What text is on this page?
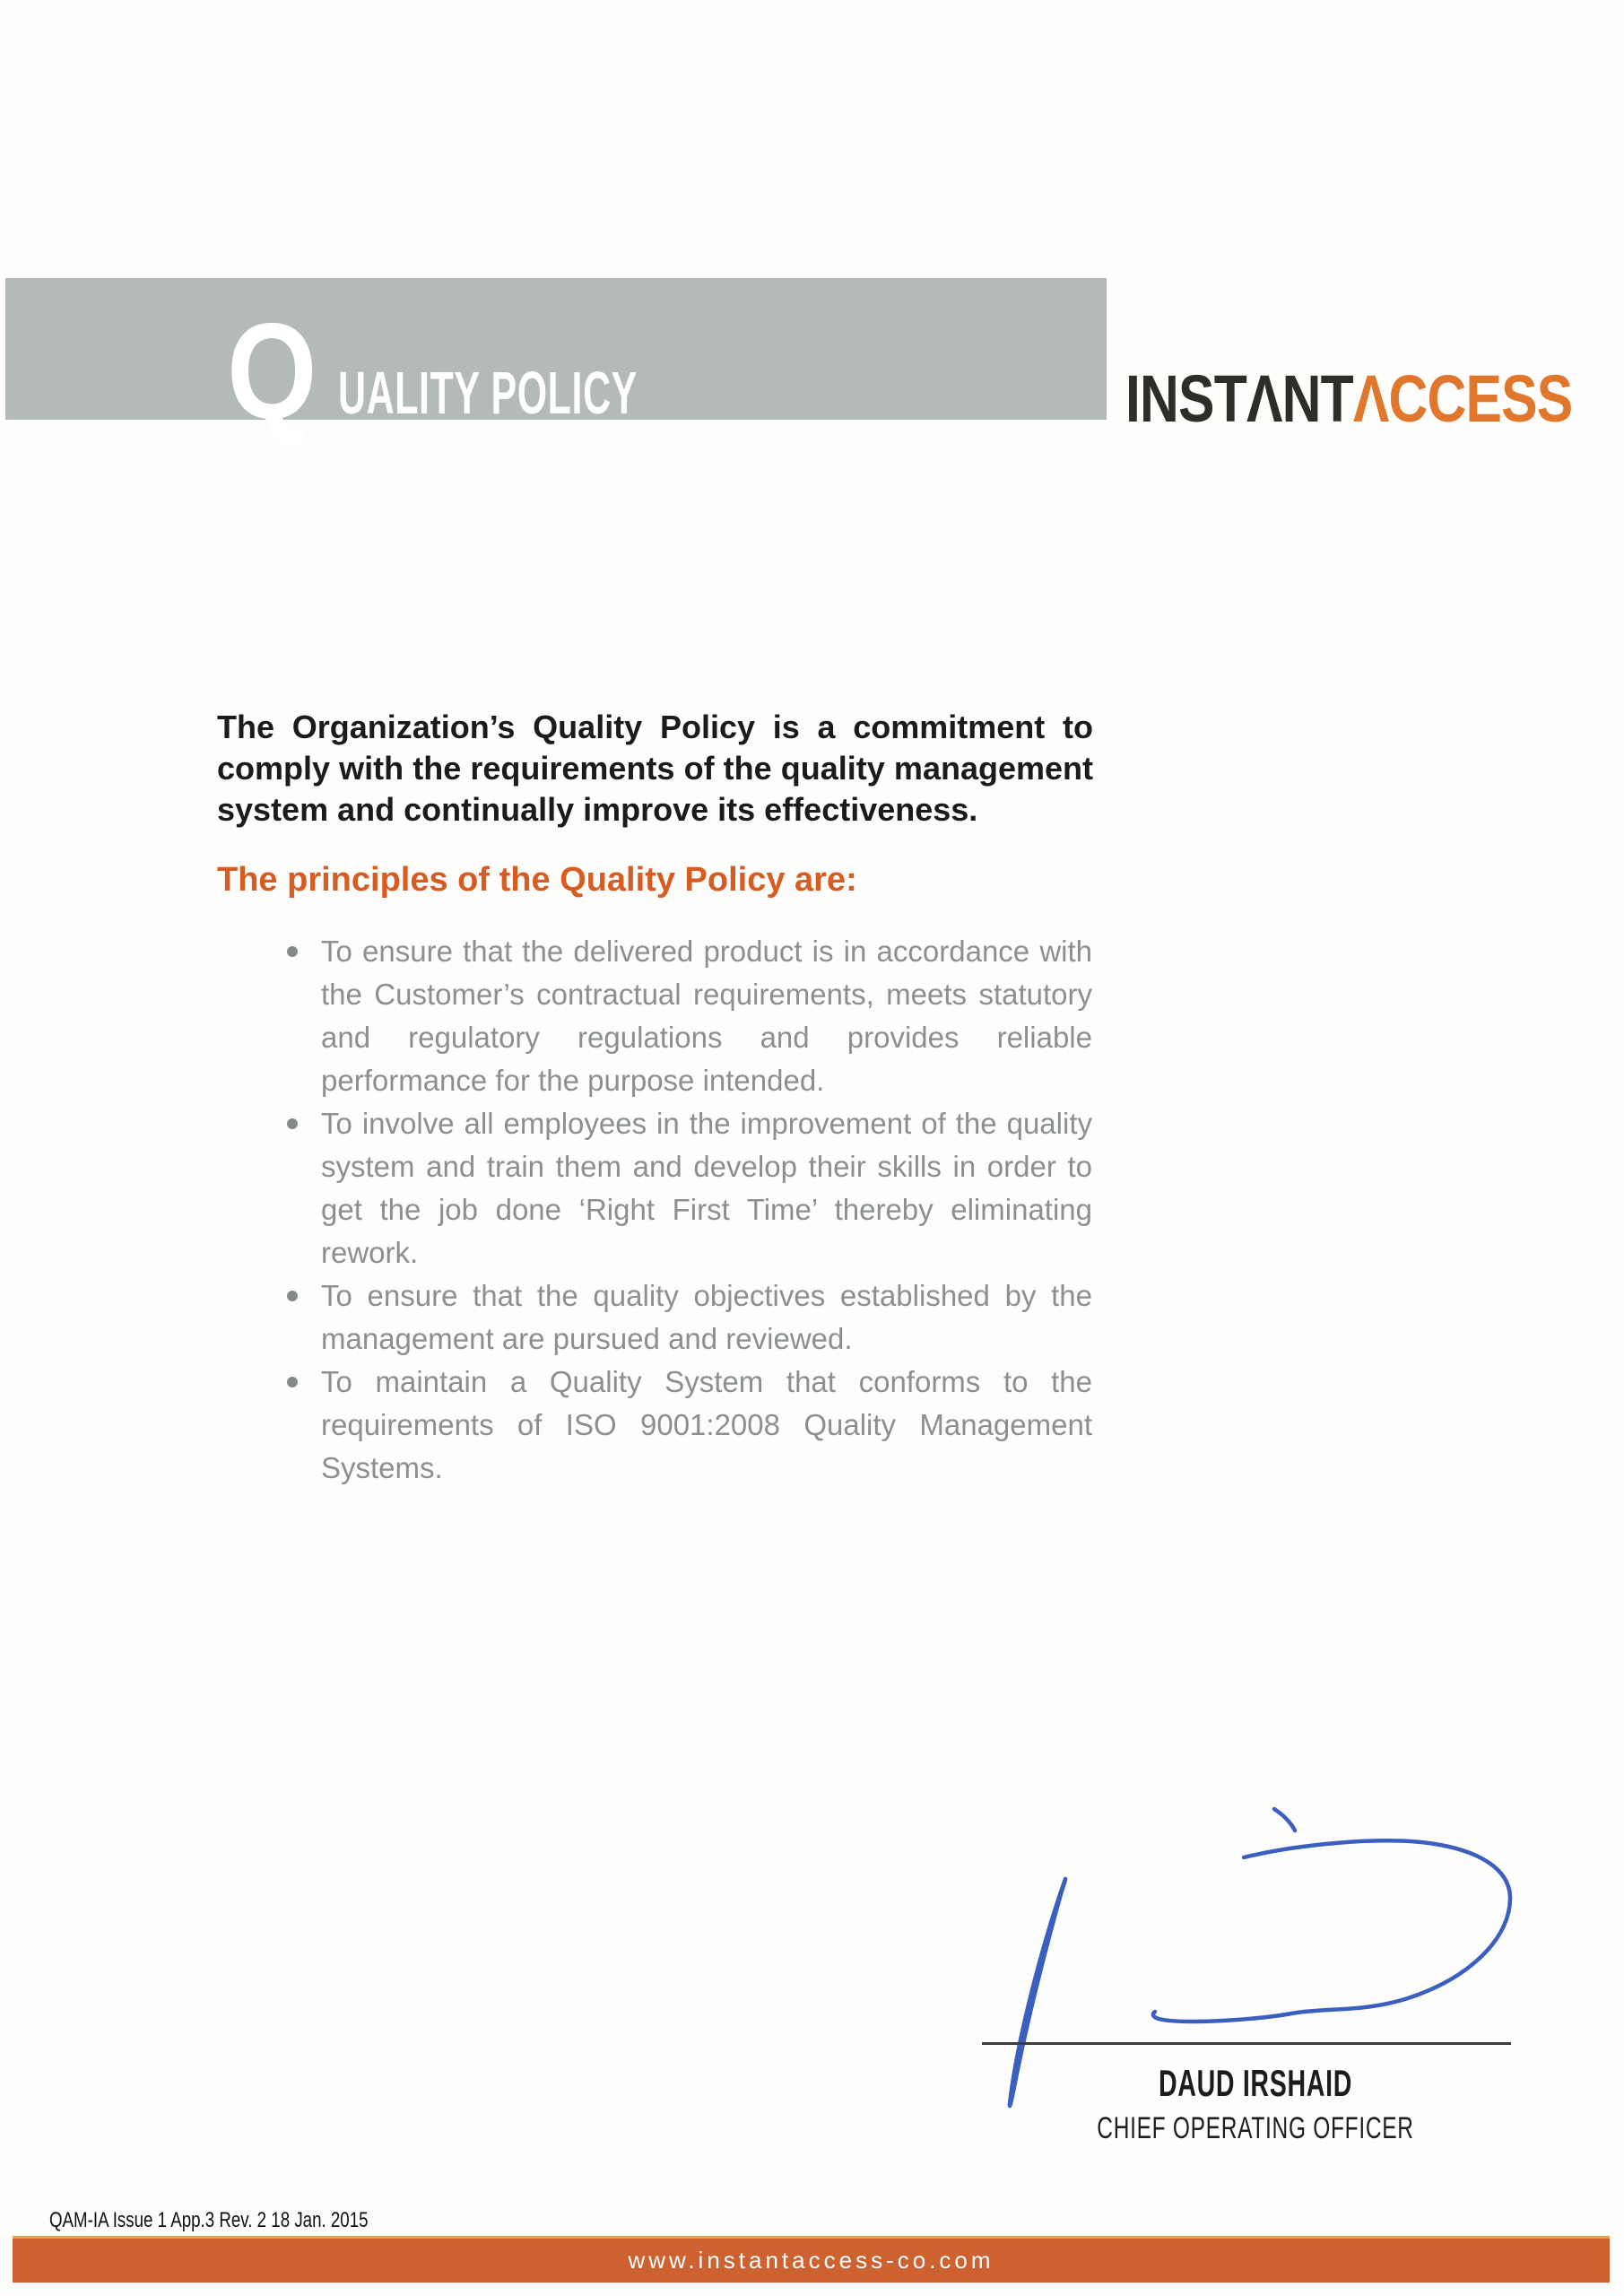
Q UALITY POLICY	INSTΛNTΛCCESS

The Organization’s Quality Policy is a commitment to comply with the requirements of the quality management system and continually improve its effectiveness.

The principles of the Quality Policy are:
To ensure that the delivered product is in accordance with the Customer’s contractual requirements, meets statutory and regulatory regulations and provides reliable performance for the purpose intended.
To involve all employees in the improvement of the quality system and train them and develop their skills in order to get the job done ‘Right First Time’ thereby eliminating rework.
To ensure that the quality objectives established by the management are pursued and reviewed.
To maintain a Quality System that conforms to the requirements of ISO 9001:2008 Quality Management Systems.
DAUD IRSHAID
CHIEF OPERATING OFFICER
QAM-IA Issue 1 App.3 Rev. 2 18 Jan. 2015
www.instantaccess-co.com
